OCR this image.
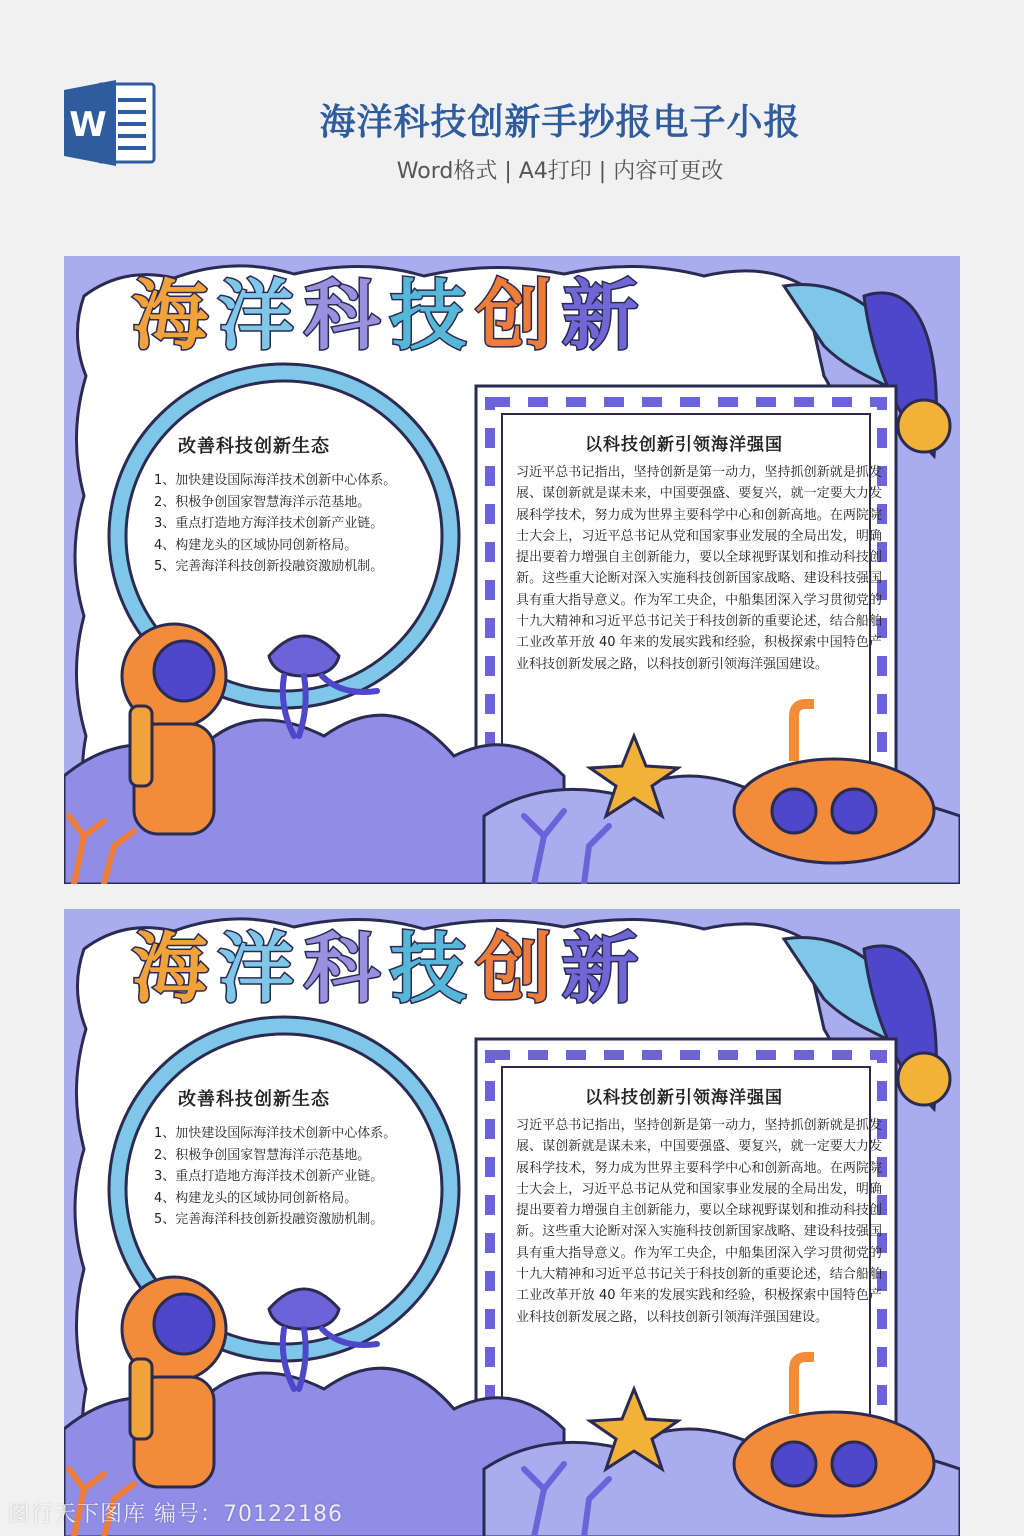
W	海洋科技创新手抄报电子小报
Word格式 | A4打印 | 内容可更改
海 洋 科 技 创 新
改善科技创新生态
1、加快建设国际海洋技术创新中心体系。
2、积极争创国家智慧海洋示范基地。
3、重点打造地方海洋技术创新产业链。
4、构建龙头的区域协同创新格局。
5、完善海洋科技创新投融资激励机制。
以科技创新引领海洋强国
习近平总书记指出，坚持创新是第一动力，坚持抓创新就是抓发展、谋创新就是谋未来，中国要强盛、要复兴，就一定要大力发展科学技术，努力成为世界主要科学中心和创新高地。在两院院士大会上，习近平总书记从党和国家事业发展的全局出发，明确提出要着力增强自主创新能力，要以全球视野谋划和推动科技创新。这些重大论断对深入实施科技创新国家战略、建设科技强国具有重大指导意义。作为军工央企，中船集团深入学习贯彻党的十九大精神和习近平总书记关于科技创新的重要论述，结合船舶工业改革开放 40 年来的发展实践和经验，积极探索中国特色产业科技创新发展之路，以科技创新引领海洋强国建设。
海 洋 科 技 创 新
改善科技创新生态
1、加快建设国际海洋技术创新中心体系。
2、积极争创国家智慧海洋示范基地。
3、重点打造地方海洋技术创新产业链。
4、构建龙头的区域协同创新格局。
5、完善海洋科技创新投融资激励机制。
以科技创新引领海洋强国
习近平总书记指出，坚持创新是第一动力，坚持抓创新就是抓发展、谋创新就是谋未来，中国要强盛、要复兴，就一定要大力发展科学技术，努力成为世界主要科学中心和创新高地。在两院院士大会上，习近平总书记从党和国家事业发展的全局出发，明确提出要着力增强自主创新能力，要以全球视野谋划和推动科技创新。这些重大论断对深入实施科技创新国家战略、建设科技强国具有重大指导意义。作为军工央企，中船集团深入学习贯彻党的十九大精神和习近平总书记关于科技创新的重要论述，结合船舶工业改革开放 40 年来的发展实践和经验，积极探索中国特色产业科技创新发展之路，以科技创新引领海洋强国建设。
图行天下图库 编号：70122186
